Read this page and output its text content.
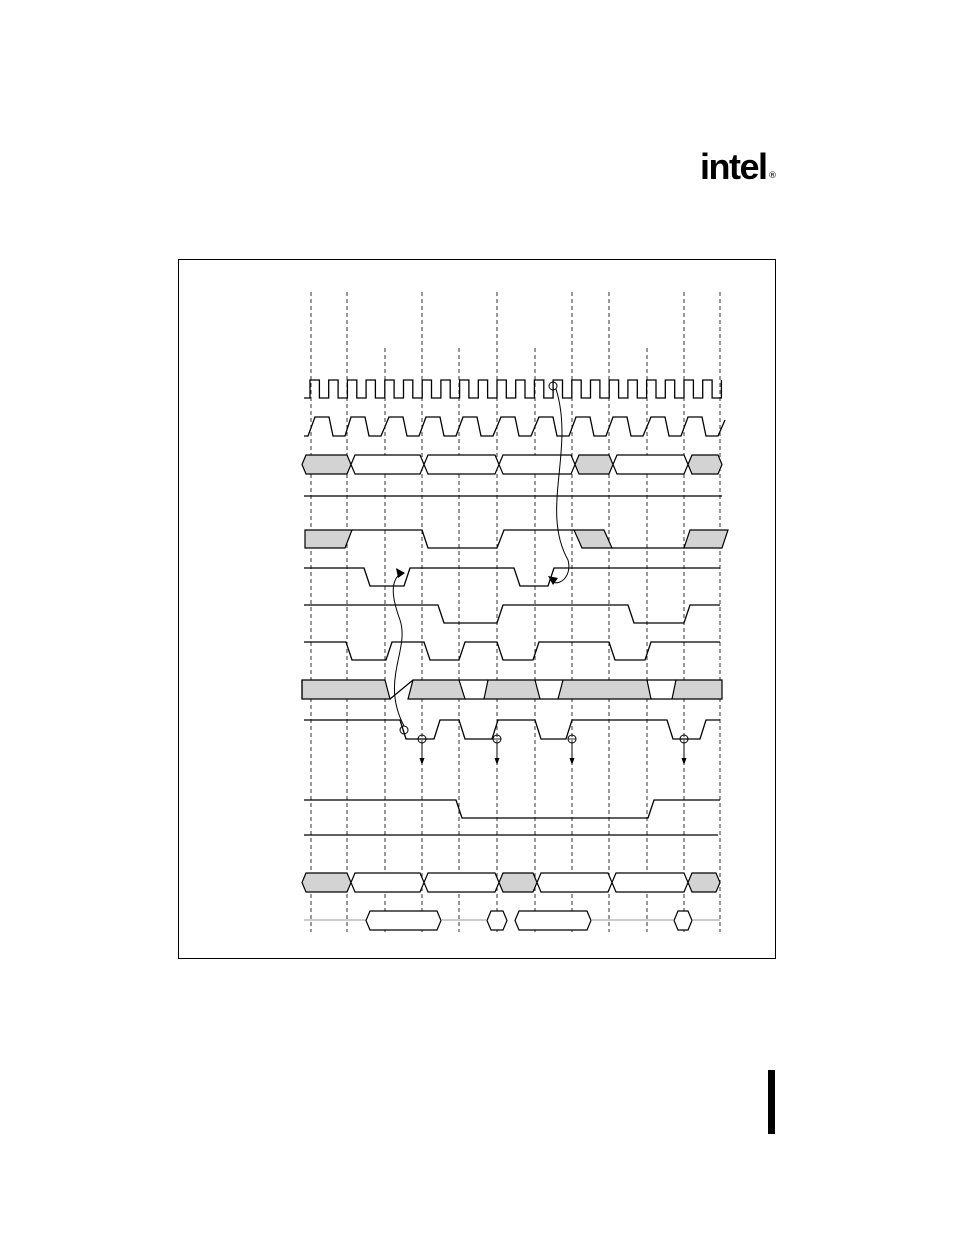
intel ®
